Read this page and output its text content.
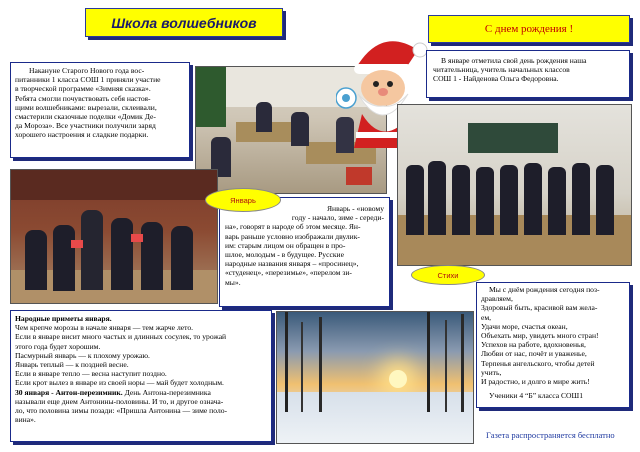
Школа волшебников	С днем рождения !
Накануне Старого Нового года вос-
питанники 1 класса СОШ 1 приняли участие
в творческой программе «Зимняя сказка».
Ребята смогли почувствовать себя настоя-
щими волшебниками: вырезали, склеивали,
смастерили сказочные поделки «Домик Де-
да Мороза». Все участники получили заряд
хорошего настроения и сладкие подарки.
В январе отметила свой день рождения наша
читательница, учитель начальных классов
СОШ 1 - Найденова Ольга Федоровна.
Январь - «новому
году - начало, зиме - середи-
на», говорят в народе об этом месяце. Ян-
варь раньше условно изображали двулик-
им: старым лицом он обращен в про-
шлое, молодым - в будущее. Русские
народные названия января – «просинец»,
«студенец», «перезимье», «перелом зи-
мы».
Январь
Мы с днём рождения сегодня поз-
дравляем,
Здоровый быть, красивой вам жела-
ем,
Удачи море, счастья океан,
Объехать мир, увидеть много стран!
Успехов на работе, вдохновенья,
Любви от нас, почёт и уваженье,
Терпенья ангельского, чтобы детей
учить,
И радостно, и долго в мире жить!
Ученики 4 “Б” класса СОШ1
Стихи
Народные приметы января.
Чем крепче морозы в начале января — тем жарче лето.
Если в январе висит много частых и длинных сосулек, то урожай
этого года будет хорошим.
Пасмурный январь — к плохому урожаю.
Январь теплый — к поздней весне.
Если в январе тепло — весна наступит поздно.
Если крот вылез в январе из своей норы — май будет холодным.
30 января - Антон-перезимник. День Антона-перезимника
называли еще днем Антонины-половины. И то, и другое означа-
ло, что половина зимы позади: «Пришла Антонина — зиме поло-
вина».
Газета распространяется бесплатно
